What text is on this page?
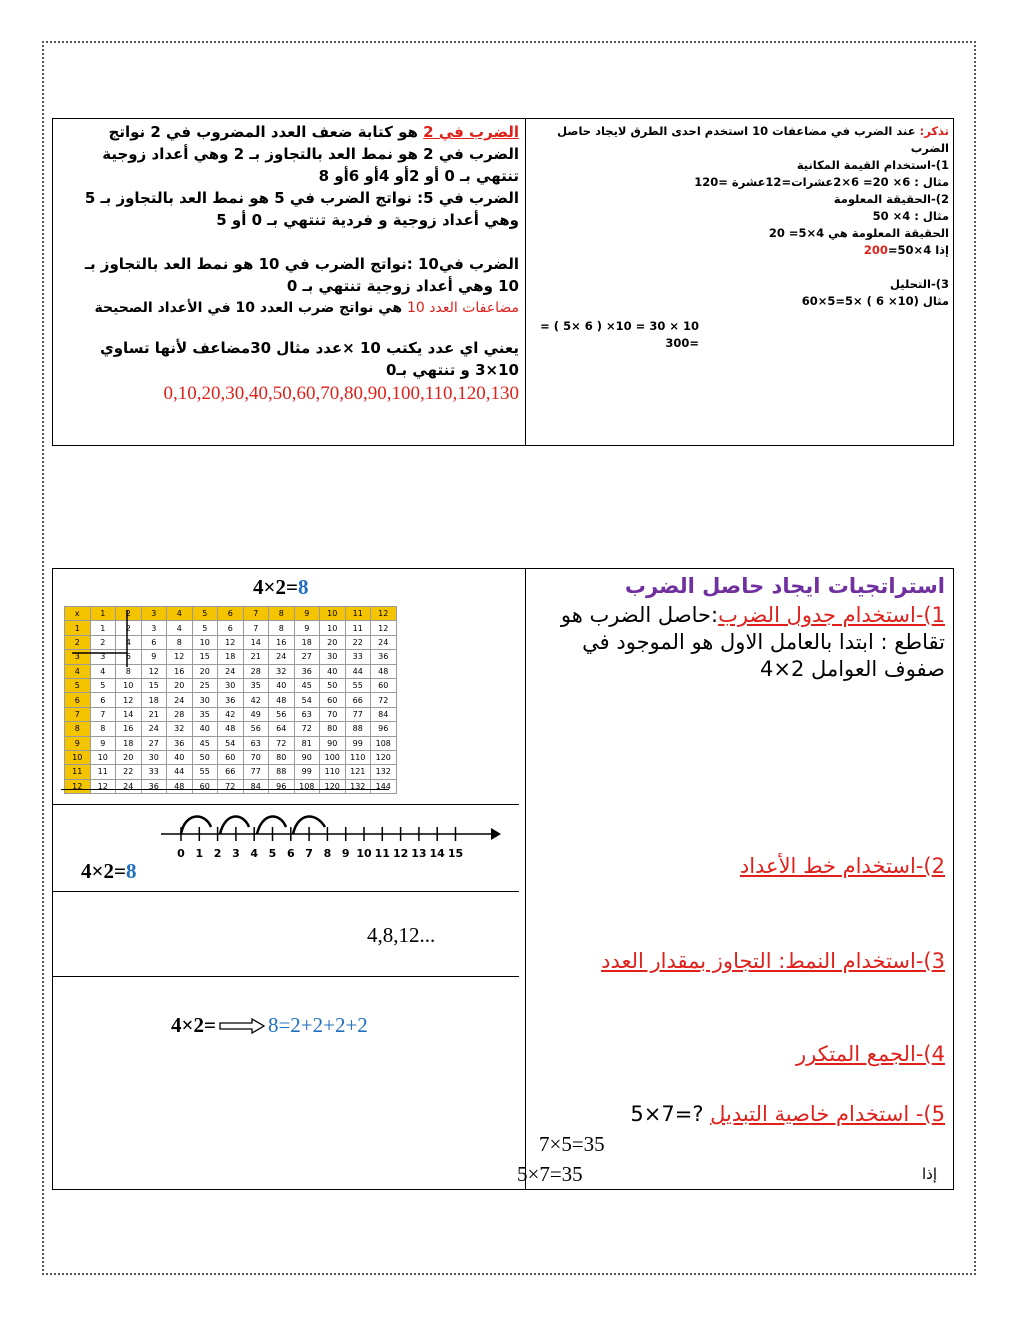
تذكر: عند الضرب في مضاعفات 10 استخدم احدى الطرق لايجاد حاصل الضرب

1)-استخدام القيمة المكانية

مثال : 6× 20= 6×2عشرات=12عشرة =120

2)-الحقيقة المعلومة

مثال : 4× 50

الحقيقة المعلومة هي 4×5= 20

إذا 4×50=200

3)-التحليل

مثال (10× 6 ) ×5=5×60

10 × 30 = 10× ( 6 ×5 ) =

=300

الضرب في 2 هو كتابة ضعف العدد المضروب في 2 نواتج الضرب في 2 هو نمط العد بالتجاوز بـ 2 وهي أعداد زوجية تنتهي بـ 0 أو 2أو 4أو 6أو 8

الضرب في 5: نواتج الضرب في 5 هو نمط العد بالتجاوز بـ 5 وهي أعداد زوجية و فردية تنتهي بـ 0 أو 5

الضرب في10 :نواتج الضرب في 10 هو نمط العد بالتجاوز بـ 10 وهي أعداد زوجية تنتهي بـ 0

مضاعفات العدد 10 هي نواتج ضرب العدد 10 في الأعداد الصحيحة

يعني اي عدد يكتب 10 ×عدد مثال 30مضاعف لأنها تساوي 10×3 و تنتهي بـ0

0,10,20,30,40,50,60,70,80,90,100,110,120,130

استراتجيات ايجاد حاصل الضرب

1)-استخدام جدول الضرب:حاصل الضرب هو تقاطع : ابتدا بالعامل الاول هو الموجود في صفوف العوامل 2×4

2)-استخدام خط الأعداد

3)-استخدام النمط: التجاوز بمقدار العدد

4)-الجمع المتكرر

5)- استخدام خاصية التبديل ?=7×5

7×5=35

إذا

5×7=35

4×2=8
x	1	2	3	4	5	6	7	8	9	10	11	12
1	1	2	3	4	5	6	7	8	9	10	11	12
2	2	4	6	8	10	12	14	16	18	20	22	24
3	3	6	9	12	15	18	21	24	27	30	33	36
4	4	8	12	16	20	24	28	32	36	40	44	48
5	5	10	15	20	25	30	35	40	45	50	55	60
6	6	12	18	24	30	36	42	48	54	60	66	72
7	7	14	21	28	35	42	49	56	63	70	77	84
8	8	16	24	32	40	48	56	64	72	80	88	96
9	9	18	27	36	45	54	63	72	81	90	99	108
10	10	20	30	40	50	60	70	80	90	100	110	120
11	11	22	33	44	55	66	77	88	99	110	121	132
12	12	24	36	48	60	72	84	96	108	120	132	144
0 1 2 3 4 5 6 7 8 9 10 11 12 13 14 15
4×2=8
4,8,12...
4×2= 8=2+2+2+2
